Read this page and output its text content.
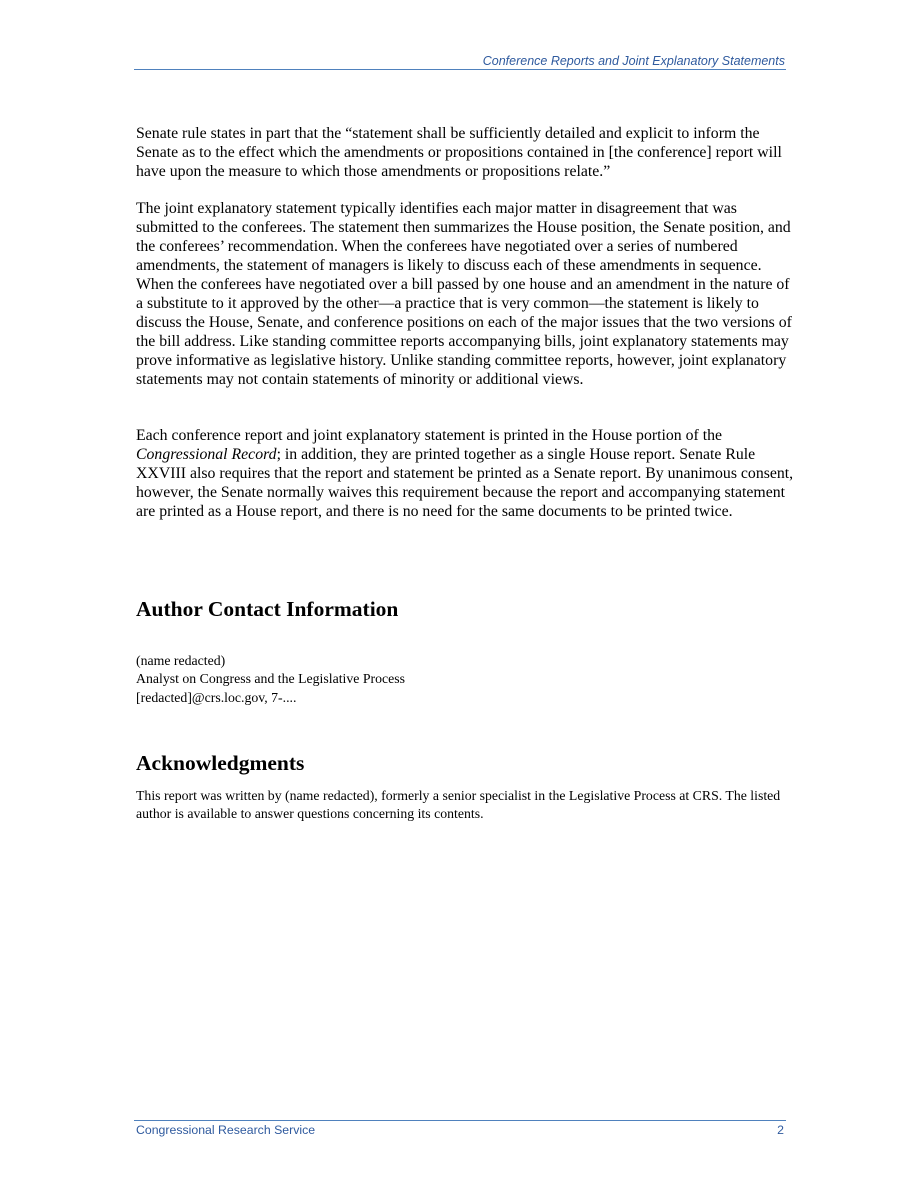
Conference Reports and Joint Explanatory Statements

Senate rule states in part that the “statement shall be sufficiently detailed and explicit to inform the Senate as to the effect which the amendments or propositions contained in [the conference] report will have upon the measure to which those amendments or propositions relate.”

The joint explanatory statement typically identifies each major matter in disagreement that was submitted to the conferees. The statement then summarizes the House position, the Senate position, and the conferees’ recommendation. When the conferees have negotiated over a series of numbered amendments, the statement of managers is likely to discuss each of these amendments in sequence. When the conferees have negotiated over a bill passed by one house and an amendment in the nature of a substitute to it approved by the other—a practice that is very common—the statement is likely to discuss the House, Senate, and conference positions on each of the major issues that the two versions of the bill address. Like standing committee reports accompanying bills, joint explanatory statements may prove informative as legislative history. Unlike standing committee reports, however, joint explanatory statements may not contain statements of minority or additional views.

Each conference report and joint explanatory statement is printed in the House portion of the Congressional Record; in addition, they are printed together as a single House report. Senate Rule XXVIII also requires that the report and statement be printed as a Senate report. By unanimous consent, however, the Senate normally waives this requirement because the report and accompanying statement are printed as a House report, and there is no need for the same documents to be printed twice.

Author Contact Information
(name redacted)
Analyst on Congress and the Legislative Process
[redacted]@crs.loc.gov, 7-....
Acknowledgments

This report was written by (name redacted), formerly a senior specialist in the Legislative Process at CRS. The listed author is available to answer questions concerning its contents.

Congressional Research Service	2
